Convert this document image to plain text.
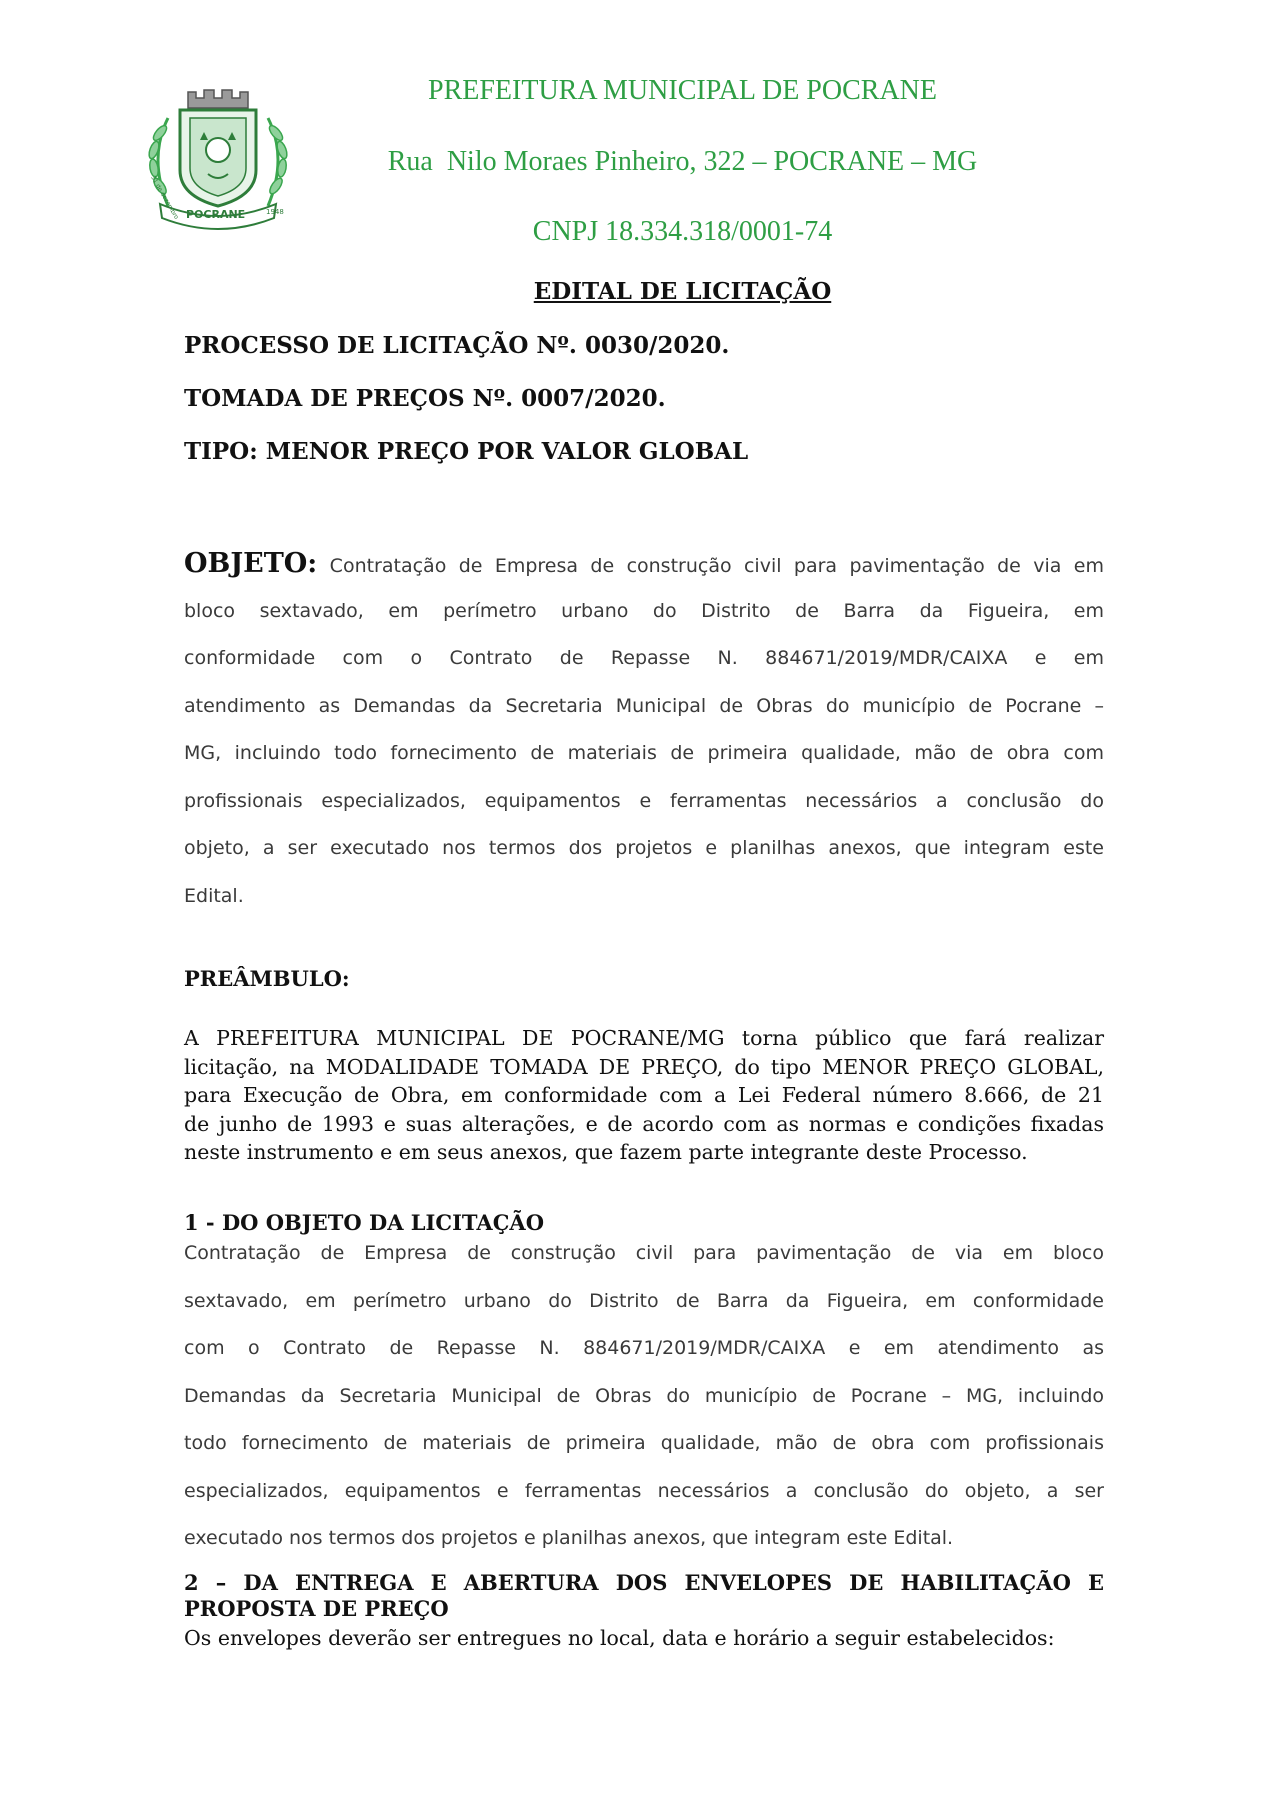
POCRANE
31 de dezembro	1948
PREFEITURA MUNICIPAL DE POCRANE
Rua  Nilo Moraes Pinheiro, 322 – POCRANE – MG
CNPJ 18.334.318/0001-74
EDITAL DE LICITAÇÃO
PROCESSO DE LICITAÇÃO Nº. 0030/2020.
TOMADA DE PREÇOS Nº. 0007/2020.
TIPO: MENOR PREÇO POR VALOR GLOBAL
OBJETO: Contratação de Empresa de construção civil para pavimentação de via em
bloco sextavado, em perímetro urbano do Distrito de Barra da Figueira, em
conformidade com o Contrato de Repasse N. 884671/2019/MDR/CAIXA e em
atendimento as Demandas da Secretaria Municipal de Obras do município de Pocrane –
MG, incluindo todo fornecimento de materiais de primeira qualidade, mão de obra com
profissionais especializados, equipamentos e ferramentas necessários a conclusão do
objeto, a ser executado nos termos dos projetos e planilhas anexos, que integram este
Edital.
PREÂMBULO:
A PREFEITURA MUNICIPAL DE POCRANE/MG torna público que fará realizar
licitação, na MODALIDADE TOMADA DE PREÇO, do tipo MENOR PREÇO GLOBAL,
para Execução de Obra, em conformidade com a Lei Federal número 8.666, de 21
de junho de 1993 e suas alterações, e de acordo com as normas e condições fixadas
neste instrumento e em seus anexos, que fazem parte integrante deste Processo.
1 - DO OBJETO DA LICITAÇÃO
Contratação de Empresa de construção civil para pavimentação de via em bloco
sextavado, em perímetro urbano do Distrito de Barra da Figueira, em conformidade
com o Contrato de Repasse N. 884671/2019/MDR/CAIXA e em atendimento as
Demandas da Secretaria Municipal de Obras do município de Pocrane – MG, incluindo
todo fornecimento de materiais de primeira qualidade, mão de obra com profissionais
especializados, equipamentos e ferramentas necessários a conclusão do objeto, a ser
executado nos termos dos projetos e planilhas anexos, que integram este Edital.
2 – DA ENTREGA E ABERTURA DOS ENVELOPES DE HABILITAÇÃO E
PROPOSTA DE PREÇO
Os envelopes deverão ser entregues no local, data e horário a seguir estabelecidos:
